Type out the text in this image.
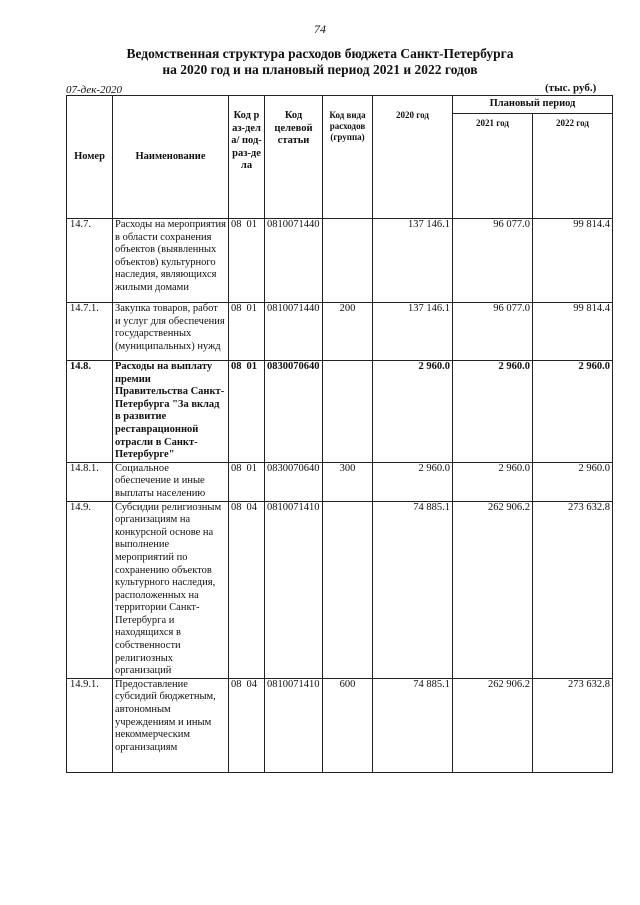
74
Ведомственная структура расходов бюджета Санкт-Петербурга
на 2020 год и на плановый период 2021 и 2022 годов
07-дек-2020	(тыс. руб.)
Номер	Наименование	Код раз-дела/ под-раз-дела	Код целевой статьи	Код вида расходов (группа)	2020 год	Плановый период	
						2021 год	2022 год
14.7.	Расходы на мероприятия в области сохранения объектов (выявленных объектов) культурного наследия, являющихся жилыми домами	08 01	0810071440		137 146.1	96 077.0	99 814.4
14.7.1.	Закупка товаров, работ и услуг для обеспечения государственных (муниципальных) нужд	08 01	0810071440	200	137 146.1	96 077.0	99 814.4
14.8.	Расходы на выплату премии Правительства Санкт-Петербурга "За вклад в развитие реставрационной отрасли в Санкт-Петербурге"	08 01	0830070640		2 960.0	2 960.0	2 960.0
14.8.1.	Социальное обеспечение и иные выплаты населению	08 01	0830070640	300	2 960.0	2 960.0	2 960.0
14.9.	Субсидии религиозным организациям на конкурсной основе на выполнение мероприятий по сохранению объектов культурного наследия, расположенных на территории Санкт-Петербурга и находящихся в собственности религиозных организаций	08 04	0810071410		74 885.1	262 906.2	273 632.8
14.9.1.	Предоставление субсидий бюджетным, автономным учреждениям и иным некоммерческим организациям	08 04	0810071410	600	74 885.1	262 906.2	273 632.8
